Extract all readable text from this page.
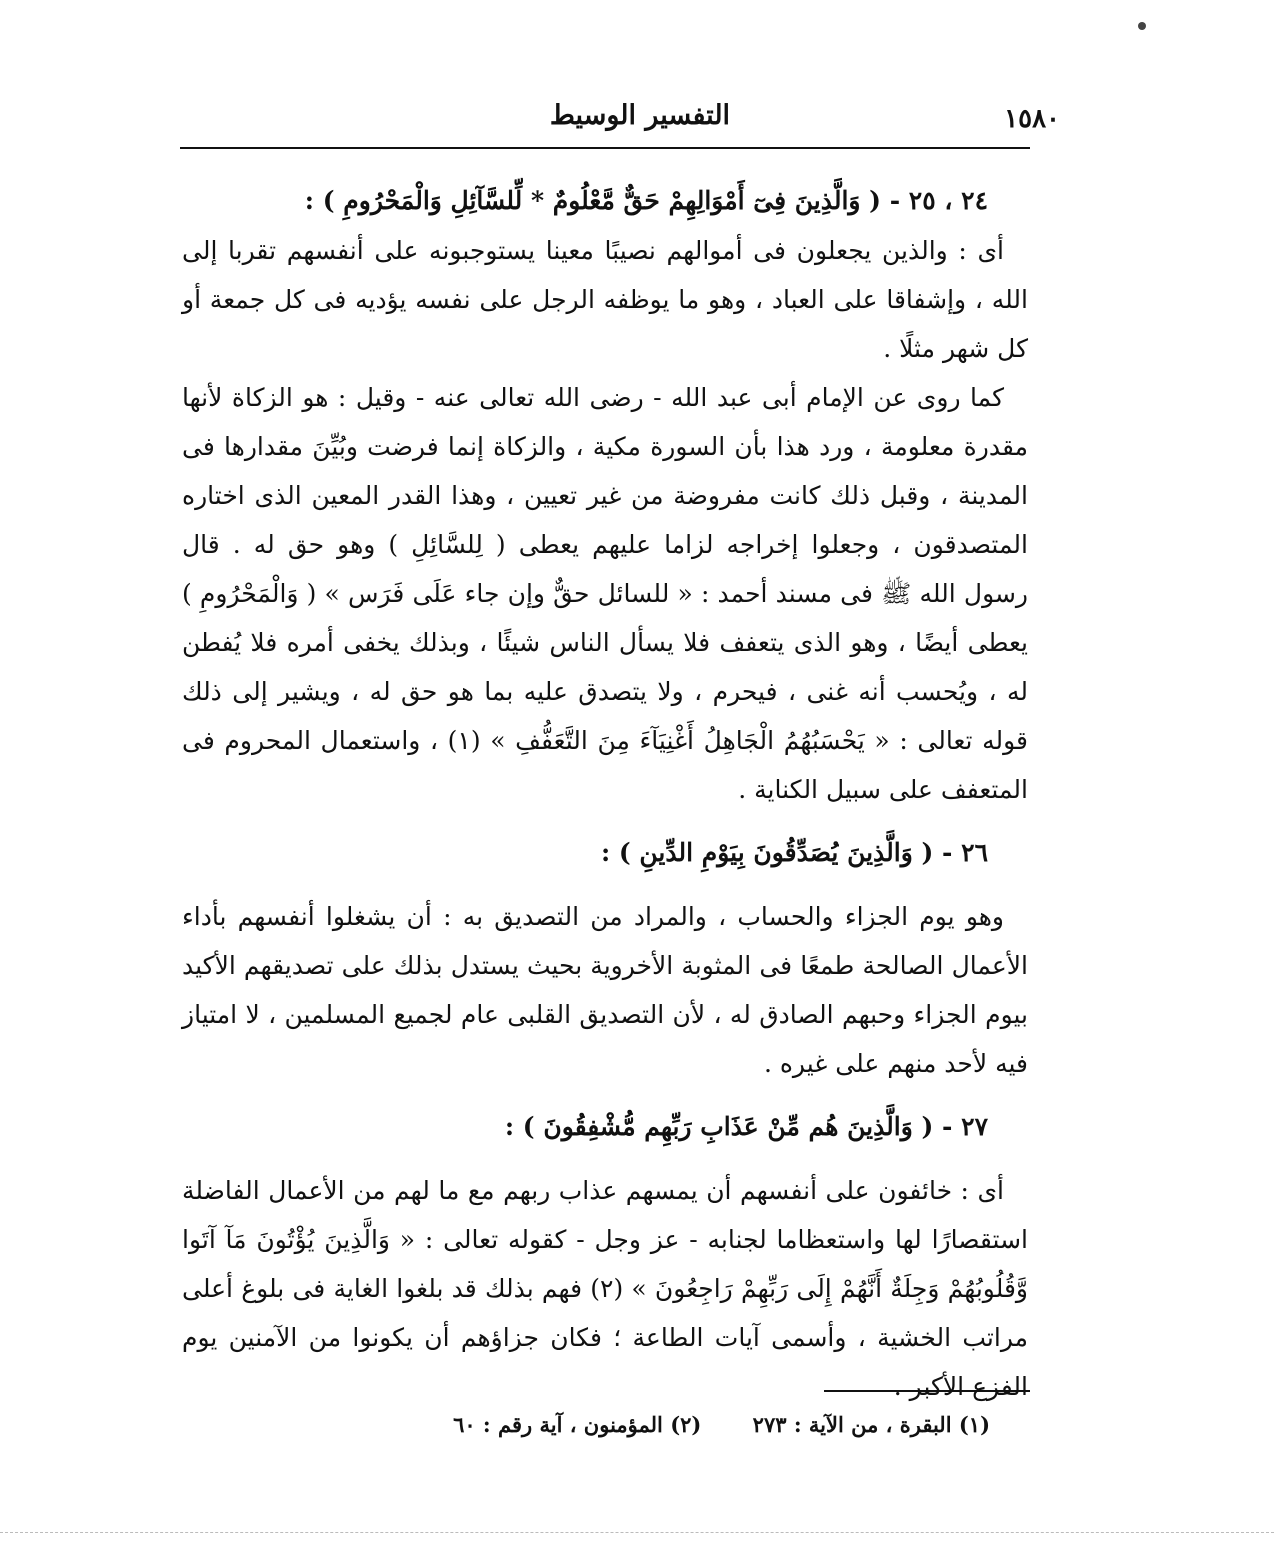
١٥٨٠
التفسير الوسيط

٢٤ ، ٢٥ - ( وَالَّذِينَ فِىٓ أَمْوَالِهِمْ حَقٌّ مَّعْلُومٌ * لِّلسَّآئِلِ وَالْمَحْرُومِ ) :

أى : والذين يجعلون فى أموالهم نصيبًا معينا يستوجبونه على أنفسهم تقربا إلى الله ، وإشفاقا على العباد ، وهو ما يوظفه الرجل على نفسه يؤديه فى كل جمعة أو كل شهر مثلًا .

كما روى عن الإمام أبى عبد الله - رضى الله تعالى عنه - وقيل : هو الزكاة لأنها مقدرة معلومة ، ورد هذا بأن السورة مكية ، والزكاة إنما فرضت وبُيِّنَ مقدارها فى المدينة ، وقبل ذلك كانت مفروضة من غير تعيين ، وهذا القدر المعين الذى اختاره المتصدقون ، وجعلوا إخراجه لزاما عليهم يعطى ( لِلسَّائِلِ ) وهو حق له . قال رسول الله ﷺ فى مسند أحمد : « للسائل حقٌّ وإن جاء عَلَى فَرَس » ( وَالْمَحْرُومِ ) يعطى أيضًا ، وهو الذى يتعفف فلا يسأل الناس شيئًا ، وبذلك يخفى أمره فلا يُفطن له ، ويُحسب أنه غنى ، فيحرم ، ولا يتصدق عليه بما هو حق له ، ويشير إلى ذلك قوله تعالى : « يَحْسَبُهُمُ الْجَاهِلُ أَغْنِيَآءَ مِنَ التَّعَفُّفِ » (١) ، واستعمال المحروم فى المتعفف على سبيل الكناية .

٢٦ - ( وَالَّذِينَ يُصَدِّقُونَ بِيَوْمِ الدِّينِ ) :

وهو يوم الجزاء والحساب ، والمراد من التصديق به : أن يشغلوا أنفسهم بأداء الأعمال الصالحة طمعًا فى المثوبة الأخروية بحيث يستدل بذلك على تصديقهم الأكيد بيوم الجزاء وحبهم الصادق له ، لأن التصديق القلبى عام لجميع المسلمين ، لا امتياز فيه لأحد منهم على غيره .

٢٧ - ( وَالَّذِينَ هُم مِّنْ عَذَابِ رَبِّهِم مُّشْفِقُونَ ) :

أى : خائفون على أنفسهم أن يمسهم عذاب ربهم مع ما لهم من الأعمال الفاضلة استقصارًا لها واستعظاما لجنابه - عز وجل - كقوله تعالى : « وَالَّذِينَ يُؤْتُونَ مَآ آتَوا وَّقُلُوبُهُمْ وَجِلَةٌ أَنَّهُمْ إِلَى رَبِّهِمْ رَاجِعُونَ » (٢) فهم بذلك قد بلغوا الغاية فى بلوغ أعلى مراتب الخشية ، وأسمى آيات الطاعة ؛ فكان جزاؤهم أن يكونوا من الآمنين يوم الفزع الأكبر .

(١) البقرة ، من الآية : ٢٧٣ (٢) المؤمنون ، آية رقم : ٦٠
